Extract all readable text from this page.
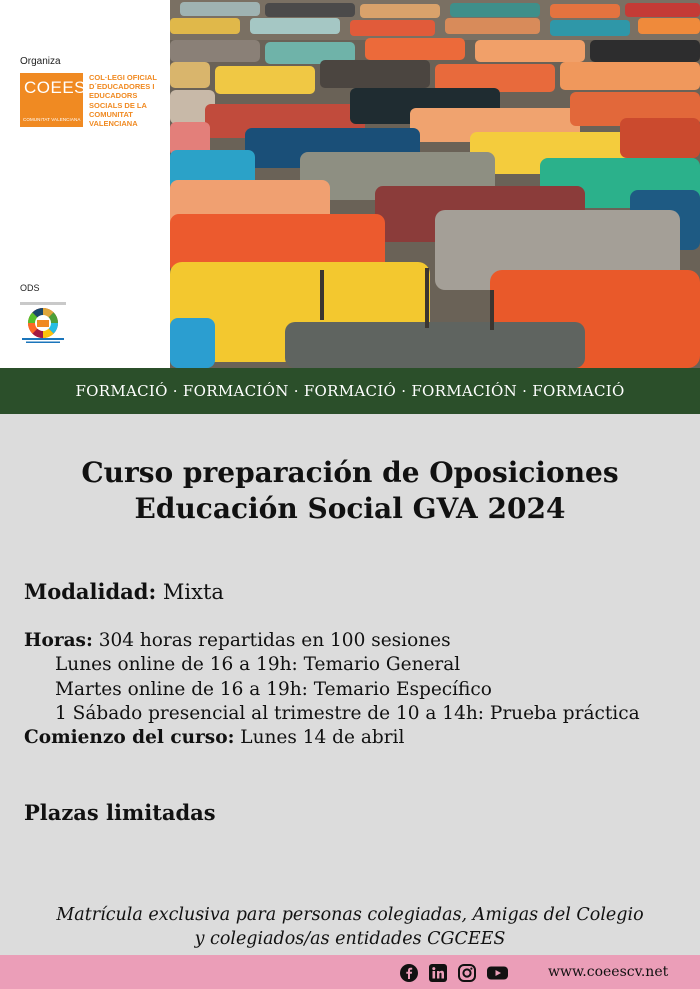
Organiza
COEES
COMUNITAT VALENCIANA
COL·LEGI OFICIAL
D´EDUCADORES I
EDUCADORS
SOCIALS DE LA
COMUNITAT
VALENCIANA
ODS
FORMACIÓ · FORMACIÓN · FORMACIÓ · FORMACIÓN · FORMACIÓ
Curso preparación de Oposiciones
Educación Social GVA 2024
Modalidad: Mixta
Horas: 304 horas repartidas en 100 sesiones
Lunes online de 16 a 19h: Temario General
Martes online de 16 a 19h: Temario Específico
1 Sábado presencial al trimestre de 10 a 14h: Prueba práctica
Comienzo del curso: Lunes 14 de abril
Plazas limitadas
Matrícula exclusiva para personas colegiadas, Amigas del Colegio
y colegiados/as entidades CGCEES
www.coeescv.net
